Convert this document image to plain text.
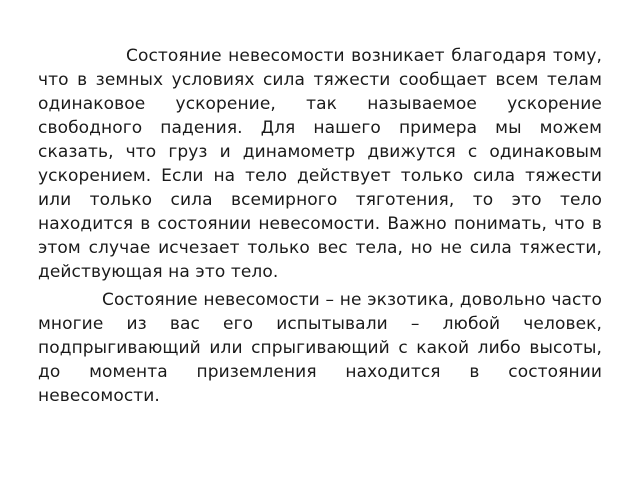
Состояние невесомости возникает благодаря тому, что в земных условиях сила тяжести сообщает всем телам одинаковое ускорение, так называемое ускорение свободного падения. Для нашего примера мы можем сказать, что груз и динамометр движутся с одинаковым ускорением. Если на тело действует только сила тяжести или только сила всемирного тяготения, то это тело находится в состоянии невесомости. Важно понимать, что в этом случае исчезает только вес тела, но не сила тяжести, действующая на это тело.

Состояние невесомости – не экзотика, довольно часто многие из вас его испытывали – любой человек, подпрыгивающий или спрыгивающий с какой либо высоты, до момента приземления находится в состоянии невесомости.
